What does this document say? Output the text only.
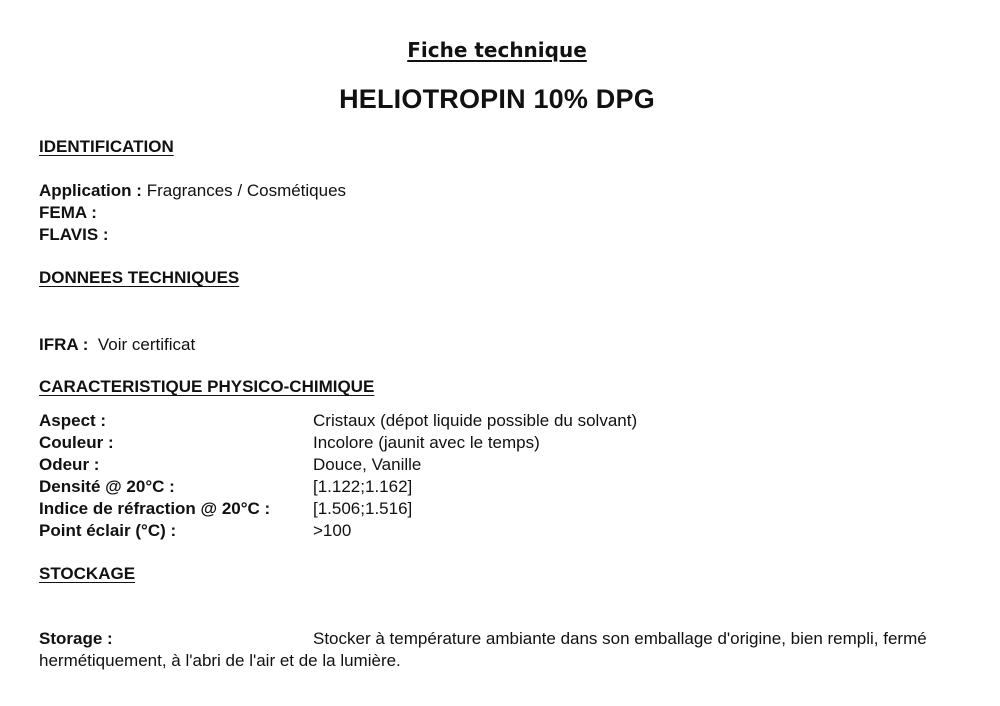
Fiche technique
HELIOTROPIN 10% DPG
IDENTIFICATION
Application : Fragrances / Cosmétiques
FEMA :
FLAVIS :
DONNEES TECHNIQUES
IFRA : Voir certificat
CARACTERISTIQUE PHYSICO-CHIMIQUE
Aspect :	Cristaux (dépot liquide possible du solvant)
Couleur :	Incolore (jaunit avec le temps)
Odeur :	Douce, Vanille
Densité @ 20°C :	[1.122;1.162]
Indice de réfraction @ 20°C :	[1.506;1.516]
Point éclair (°C) :	>100
STOCKAGE
Storage :	Stocker à température ambiante dans son emballage d'origine, bien rempli, fermé hermétiquement, à l'abri de l'air et de la lumière.
